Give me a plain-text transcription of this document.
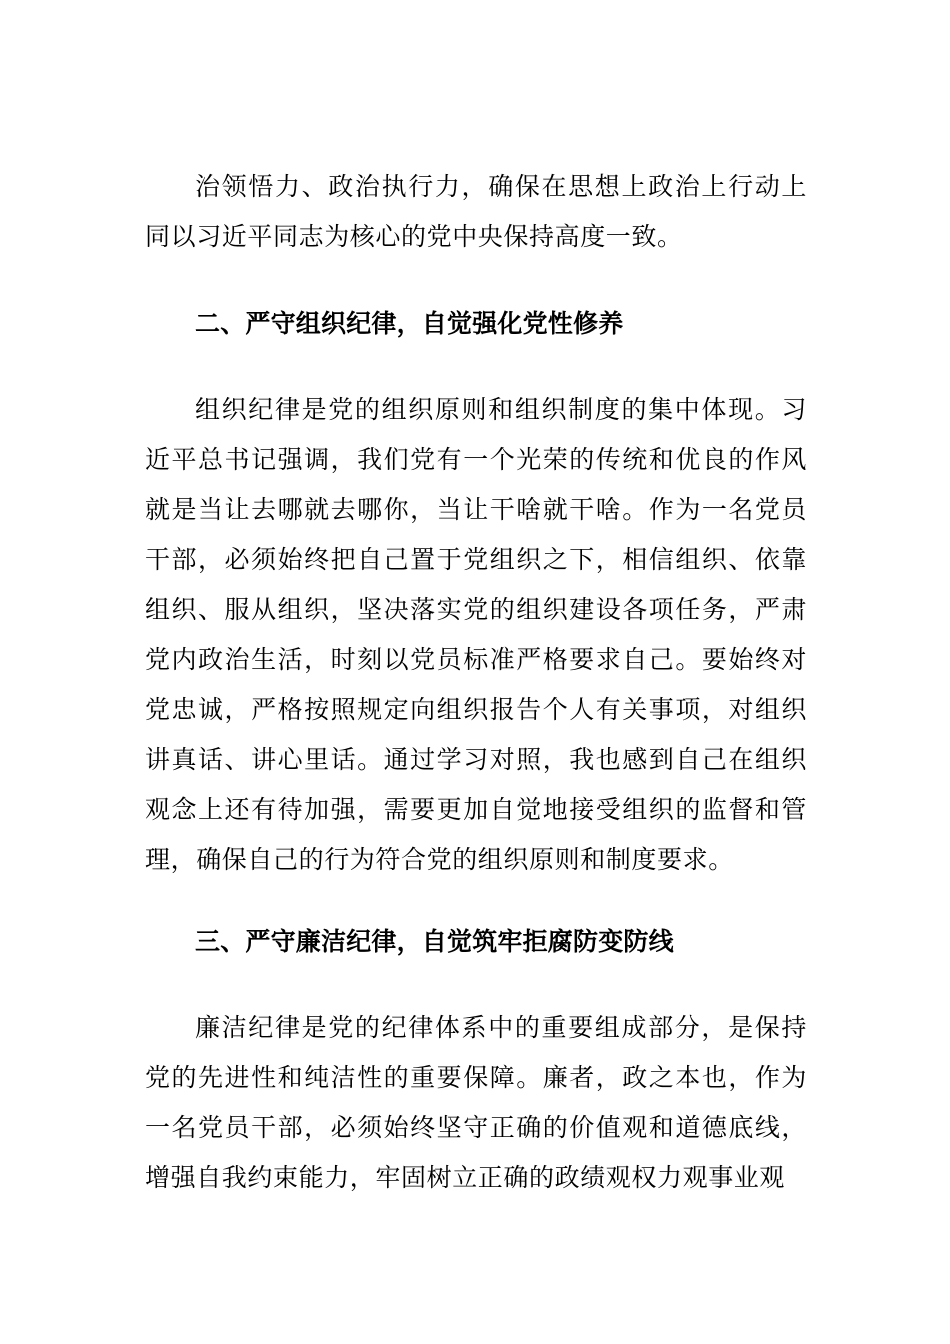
治领悟力、政治执行力，确保在思想上政治上行动上同以习近平同志为核心的党中央保持高度一致。

二、严守组织纪律，自觉强化党性修养

组织纪律是党的组织原则和组织制度的集中体现。习近平总书记强调，我们党有一个光荣的传统和优良的作风就是当让去哪就去哪你，当让干啥就干啥。作为一名党员干部，必须始终把自己置于党组织之下，相信组织、依靠组织、服从组织，坚决落实党的组织建设各项任务，严肃党内政治生活，时刻以党员标准严格要求自己。要始终对党忠诚，严格按照规定向组织报告个人有关事项，对组织讲真话、讲心里话。通过学习对照，我也感到自己在组织观念上还有待加强，需要更加自觉地接受组织的监督和管理，确保自己的行为符合党的组织原则和制度要求。

三、严守廉洁纪律，自觉筑牢拒腐防变防线

廉洁纪律是党的纪律体系中的重要组成部分，是保持党的先进性和纯洁性的重要保障。廉者，政之本也，作为一名党员干部，必须始终坚守正确的价值观和道德底线，增强自我约束能力，牢固树立正确的政绩观权力观事业观
